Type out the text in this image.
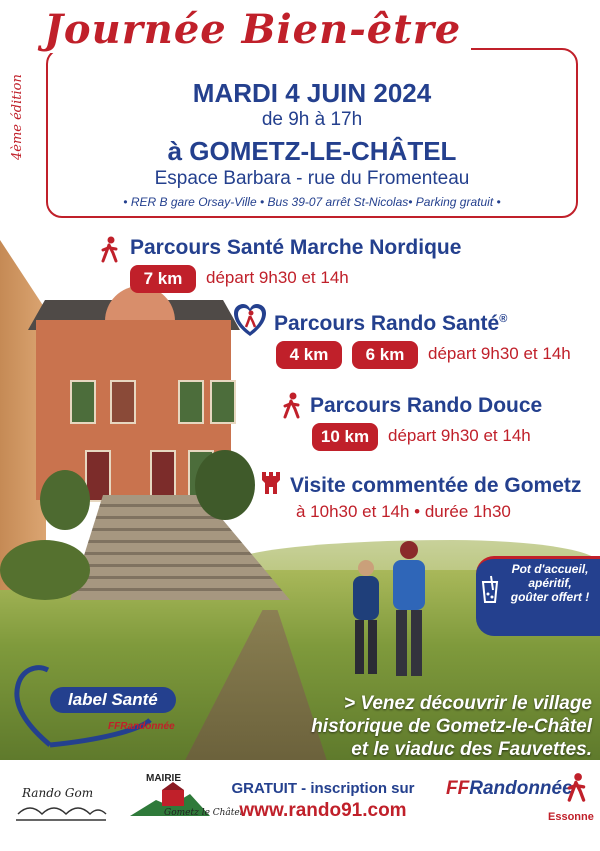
Journée Bien-être
4ème édition	MARDI 4 JUIN 2024
de 9h à 17h
à GOMETZ-LE-CHÂTEL
Espace Barbara - rue du Fromenteau
• RER B gare Orsay-Ville • Bus 39-07 arrêt St-Nicolas• Parking gratuit •
Parcours Santé Marche Nordique
7 km	départ 9h30 et 14h
Parcours Rando Santé®
4 km	6 km	départ 9h30 et 14h
Parcours Rando Douce
10 km	départ 9h30 et 14h
Visite commentée de Gometz
à 10h30 et 14h • durée 1h30
Pot d'accueil,
apéritif,
goûter offert !
label Santé
FFRandonnée
> Venez découvrir le village
historique de Gometz-le-Châtel
et le viaduc des Fauvettes.
Rando Gom
MAIRIE
Gometz le Châtel
GRATUIT - inscription sur
www.rando91.com
FFRandonnée
Essonne
